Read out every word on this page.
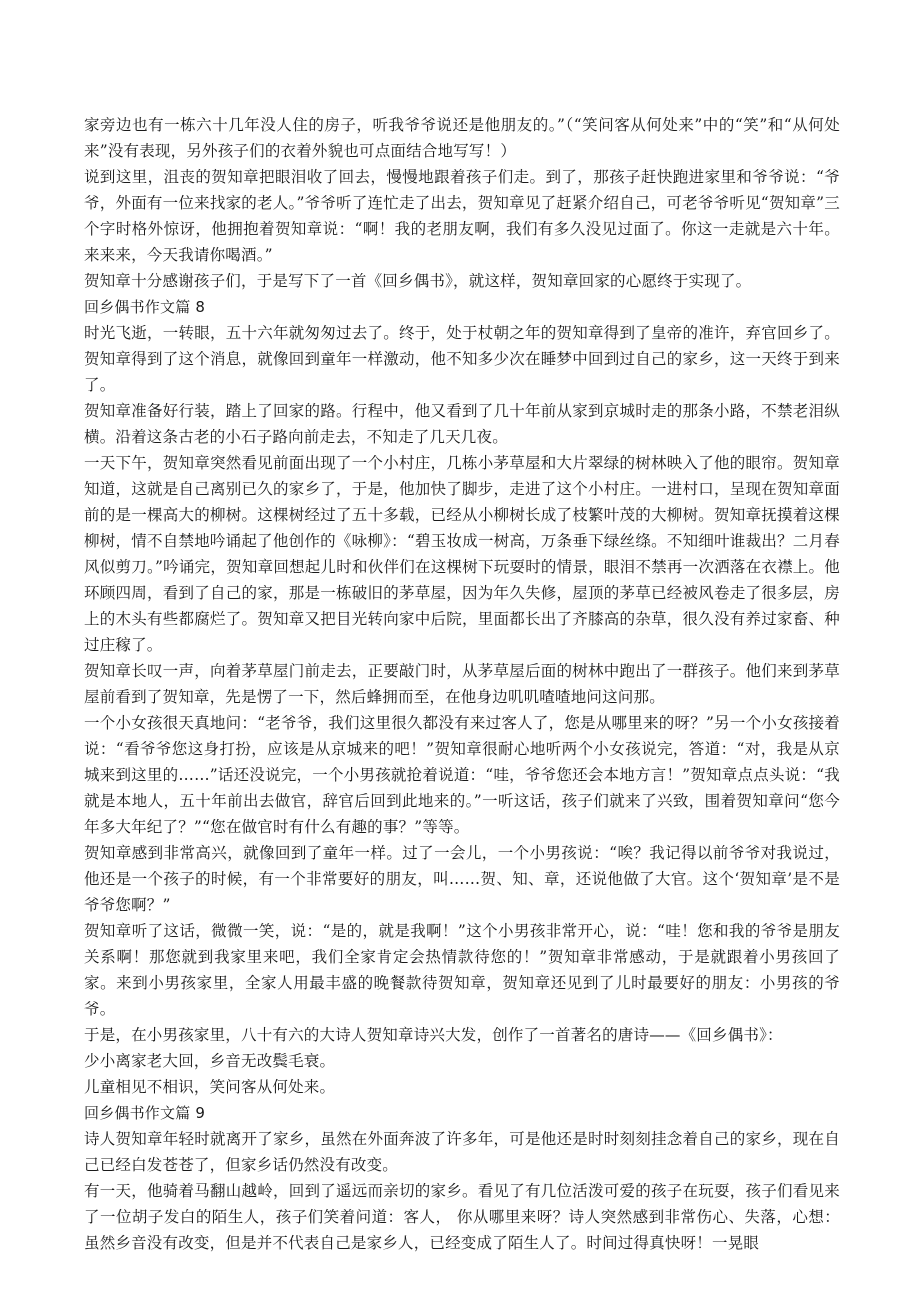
家旁边也有一栋六十几年没人住的房子，听我爷爷说还是他朋友的。”（“笑问客从何处来”中的“笑”和“从何处来”没有表现，另外孩子们的衣着外貌也可点面结合地写写！）

说到这里，沮丧的贺知章把眼泪收了回去，慢慢地跟着孩子们走。到了，那孩子赶快跑进家里和爷爷说：“爷爷，外面有一位来找家的老人。”爷爷听了连忙走了出去，贺知章见了赶紧介绍自己，可老爷爷听见“贺知章”三个字时格外惊讶，他拥抱着贺知章说：“啊！我的老朋友啊，我们有多久没见过面了。你这一走就是六十年。来来来，今天我请你喝酒。”

贺知章十分感谢孩子们，于是写下了一首《回乡偶书》，就这样，贺知章回家的心愿终于实现了。

回乡偶书作文篇 8

时光飞逝，一转眼，五十六年就匆匆过去了。终于，处于杖朝之年的贺知章得到了皇帝的准许，弃官回乡了。贺知章得到了这个消息，就像回到童年一样激动，他不知多少次在睡梦中回到过自己的家乡，这一天终于到来了。

贺知章准备好行装，踏上了回家的路。行程中，他又看到了几十年前从家到京城时走的那条小路，不禁老泪纵横。沿着这条古老的小石子路向前走去，不知走了几天几夜。

一天下午，贺知章突然看见前面出现了一个小村庄，几栋小茅草屋和大片翠绿的树林映入了他的眼帘。贺知章知道，这就是自己离别已久的家乡了，于是，他加快了脚步，走进了这个小村庄。一进村口，呈现在贺知章面前的是一棵高大的柳树。这棵树经过了五十多载，已经从小柳树长成了枝繁叶茂的大柳树。贺知章抚摸着这棵柳树，情不自禁地吟诵起了他创作的《咏柳》：“碧玉妆成一树高，万条垂下绿丝绦。不知细叶谁裁出？二月春风似剪刀。”吟诵完，贺知章回想起儿时和伙伴们在这棵树下玩耍时的情景，眼泪不禁再一次洒落在衣襟上。他环顾四周，看到了自己的家，那是一栋破旧的茅草屋，因为年久失修，屋顶的茅草已经被风卷走了很多层，房上的木头有些都腐烂了。贺知章又把目光转向家中后院，里面都长出了齐膝高的杂草，很久没有养过家畜、种过庄稼了。

贺知章长叹一声，向着茅草屋门前走去，正要敲门时，从茅草屋后面的树林中跑出了一群孩子。他们来到茅草屋前看到了贺知章，先是愣了一下，然后蜂拥而至，在他身边叽叽喳喳地问这问那。

一个小女孩很天真地问：“老爷爷，我们这里很久都没有来过客人了，您是从哪里来的呀？”另一个小女孩接着说：“看爷爷您这身打扮，应该是从京城来的吧！”贺知章很耐心地听两个小女孩说完，答道：“对，我是从京城来到这里的……”话还没说完，一个小男孩就抢着说道：“哇，爷爷您还会本地方言！”贺知章点点头说：“我就是本地人，五十年前出去做官，辞官后回到此地来的。”一听这话，孩子们就来了兴致，围着贺知章问“您今年多大年纪了？”“您在做官时有什么有趣的事？”等等。

贺知章感到非常高兴，就像回到了童年一样。过了一会儿，一个小男孩说：“唉？我记得以前爷爷对我说过，他还是一个孩子的时候，有一个非常要好的朋友，叫……贺、知、章，还说他做了大官。这个‘贺知章’是不是爷爷您啊？”

贺知章听了这话，微微一笑，说：“是的，就是我啊！”这个小男孩非常开心，说：“哇！您和我的爷爷是朋友关系啊！那您就到我家里来吧，我们全家肯定会热情款待您的！”贺知章非常感动，于是就跟着小男孩回了家。来到小男孩家里，全家人用最丰盛的晚餐款待贺知章，贺知章还见到了儿时最要好的朋友：小男孩的爷爷。

于是，在小男孩家里，八十有六的大诗人贺知章诗兴大发，创作了一首著名的唐诗——《回乡偶书》：

少小离家老大回，乡音无改鬓毛衰。

儿童相见不相识，笑问客从何处来。

回乡偶书作文篇 9

诗人贺知章年轻时就离开了家乡，虽然在外面奔波了许多年，可是他还是时时刻刻挂念着自己的家乡，现在自己已经白发苍苍了，但家乡话仍然没有改变。

有一天，他骑着马翻山越岭，回到了遥远而亲切的家乡。看见了有几位活泼可爱的孩子在玩耍，孩子们看见来了一位胡子发白的陌生人，孩子们笑着问道：客人， 你从哪里来呀？诗人突然感到非常伤心、失落，心想：虽然乡音没有改变，但是并不代表自己是家乡人，已经变成了陌生人了。时间过得真快呀！一晃眼
